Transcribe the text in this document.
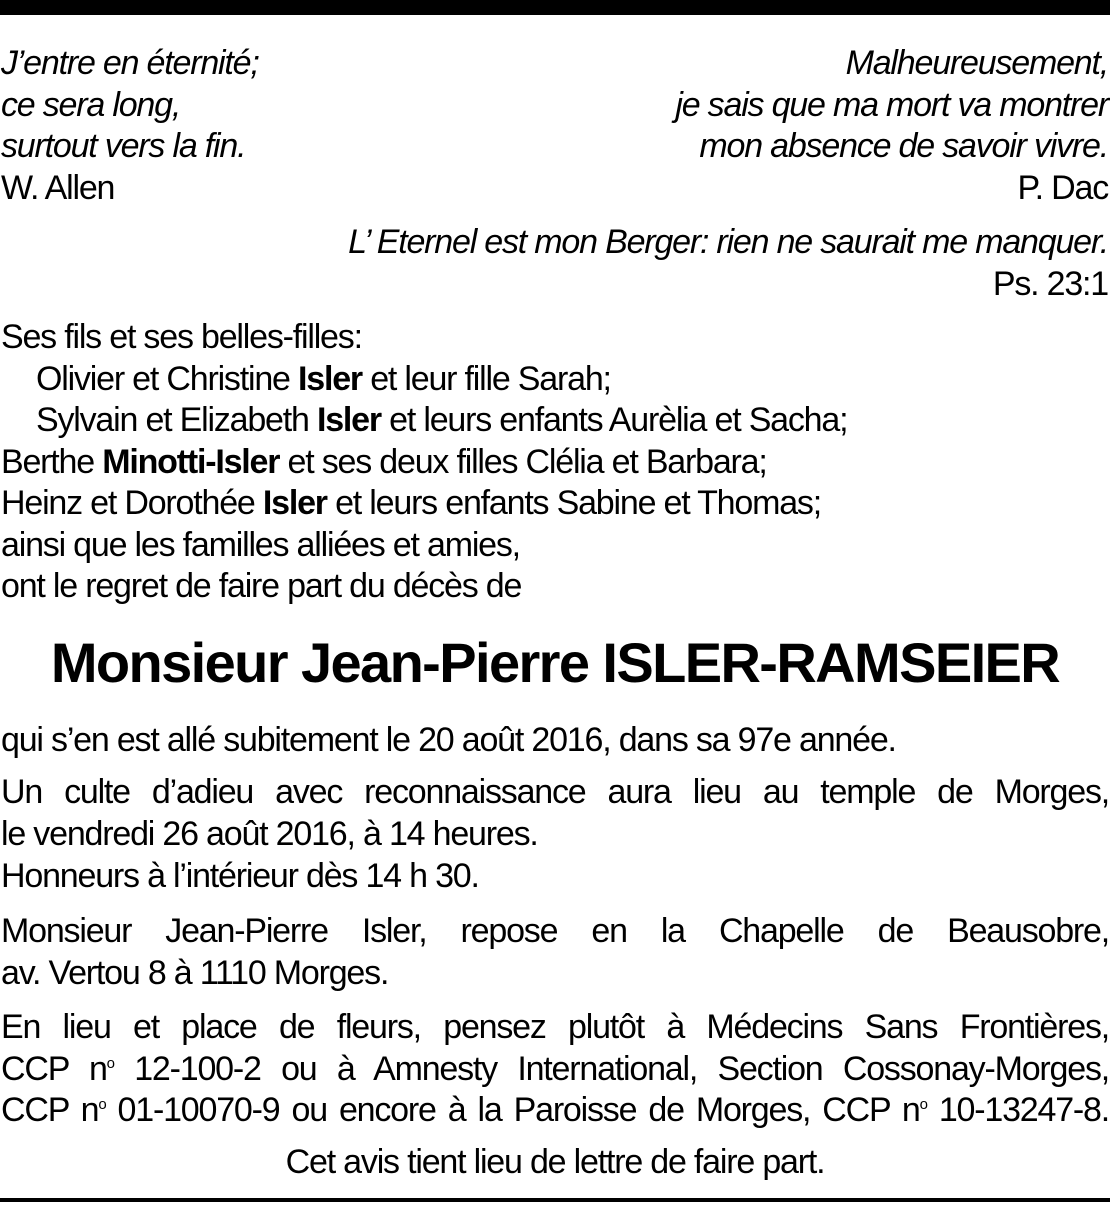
J’entre en éternité;
ce sera long,
surtout vers la fin.
W. Allen
Malheureusement,
je sais que ma mort va montrer
mon absence de savoir vivre.
P. Dac
L’ Eternel est mon Berger: rien ne saurait me manquer.
Ps. 23:1
Ses fils et ses belles-filles:
Olivier et Christine Isler et leur fille Sarah;
Sylvain et Elizabeth Isler et leurs enfants Aurèlia et Sacha;
Berthe Minotti-Isler et ses deux filles Clélia et Barbara;
Heinz et Dorothée Isler et leurs enfants Sabine et Thomas;
ainsi que les familles alliées et amies,
ont le regret de faire part du décès de
Monsieur Jean-Pierre ISLER-RAMSEIER
qui s’en est allé subitement le 20 août 2016, dans sa 97e année.
Un culte d’adieu avec reconnaissance aura lieu au temple de Morges,
le vendredi 26 août 2016, à 14 heures.
Honneurs à l’intérieur dès 14 h 30.
Monsieur Jean-Pierre Isler, repose en la Chapelle de Beausobre,
av. Vertou 8 à 1110 Morges.
En lieu et place de fleurs, pensez plutôt à Médecins Sans Frontières,
CCP $n^o$ 12-100-2 ou à Amnesty International, Section Cossonay-Morges,
CCP $n^o$ 01-10070-9 ou encore à la Paroisse de Morges, CCP $n^o$ 10-13247-8.
Cet avis tient lieu de lettre de faire part.
